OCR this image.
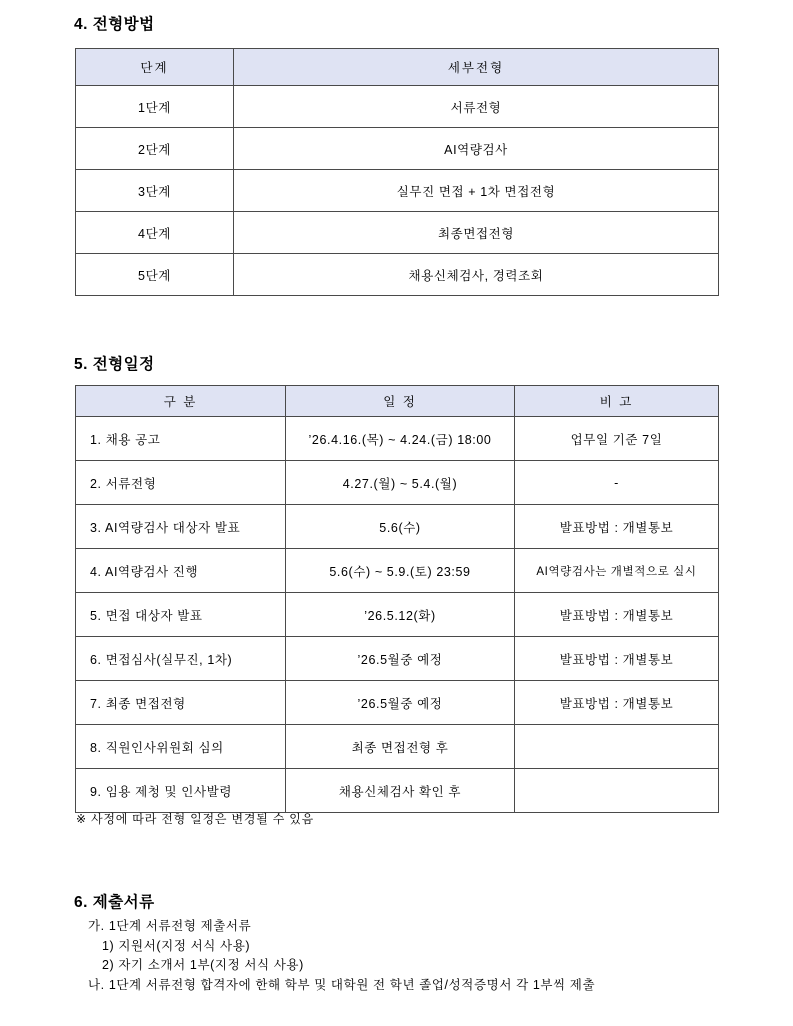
4. 전형방법
단계	세부전형
1단계	서류전형
2단계	AI역량검사
3단계	실무진 면접 + 1차 면접전형
4단계	최종면접전형
5단계	채용신체검사, 경력조회
5. 전형일정
구 분	일 정	비 고
1. 채용 공고	’26.4.16.(목) ~ 4.24.(금) 18:00	업무일 기준 7일
2. 서류전형	4.27.(월) ~ 5.4.(월)	-
3. AI역량검사 대상자 발표	5.6(수)	발표방법 : 개별통보
4. AI역량검사 진행	5.6(수) ~ 5.9.(토) 23:59	AI역량검사는 개별적으로 실시
5. 면접 대상자 발표	’26.5.12(화)	발표방법 : 개별통보
6. 면접심사(실무진, 1차)	’26.5월중 예정	발표방법 : 개별통보
7. 최종 면접전형	’26.5월중 예정	발표방법 : 개별통보
8. 직원인사위원회 심의	최종 면접전형 후	
9. 임용 제청 및 인사발령	채용신체검사 확인 후	
※ 사정에 따라 전형 일정은 변경될 수 있음
6. 제출서류
가. 1단계 서류전형 제출서류
1) 지원서(지정 서식 사용)
2) 자기 소개서 1부(지정 서식 사용)
나. 1단계 서류전형 합격자에 한해 학부 및 대학원 전 학년 졸업/성적증명서 각 1부씩 제출
